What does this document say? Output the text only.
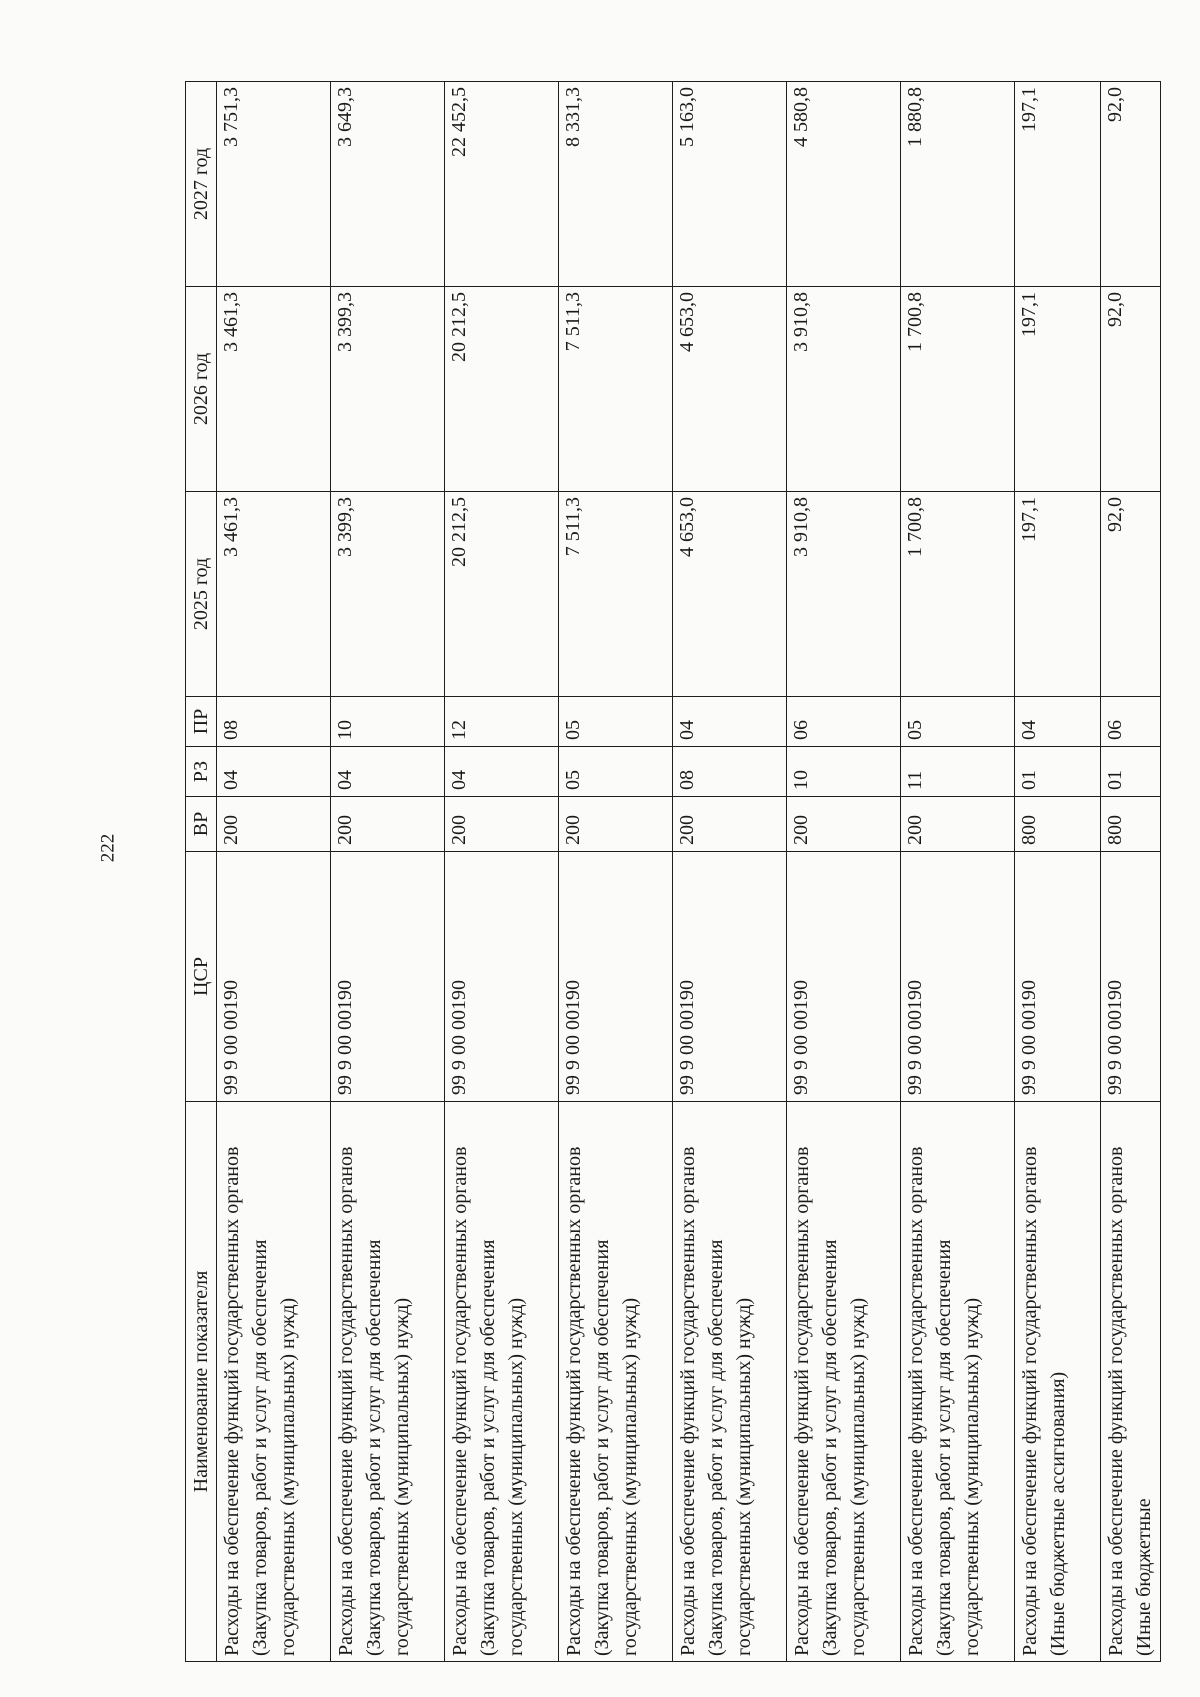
222
Наименование показателя	ЦСР	ВР	РЗ	ПР	2025 год	2026 год	2027 год
Расходы на обеспечение функций государственных органов (Закупка товаров, работ и услуг для обеспечения государственных (муниципальных) нужд)	99 9 00 00190	200	04	08	3 461,3	3 461,3	3 751,3
Расходы на обеспечение функций государственных органов (Закупка товаров, работ и услуг для обеспечения государственных (муниципальных) нужд)	99 9 00 00190	200	04	10	3 399,3	3 399,3	3 649,3
Расходы на обеспечение функций государственных органов (Закупка товаров, работ и услуг для обеспечения государственных (муниципальных) нужд)	99 9 00 00190	200	04	12	20 212,5	20 212,5	22 452,5
Расходы на обеспечение функций государственных органов (Закупка товаров, работ и услуг для обеспечения государственных (муниципальных) нужд)	99 9 00 00190	200	05	05	7 511,3	7 511,3	8 331,3
Расходы на обеспечение функций государственных органов (Закупка товаров, работ и услуг для обеспечения государственных (муниципальных) нужд)	99 9 00 00190	200	08	04	4 653,0	4 653,0	5 163,0
Расходы на обеспечение функций государственных органов (Закупка товаров, работ и услуг для обеспечения государственных (муниципальных) нужд)	99 9 00 00190	200	10	06	3 910,8	3 910,8	4 580,8
Расходы на обеспечение функций государственных органов (Закупка товаров, работ и услуг для обеспечения государственных (муниципальных) нужд)	99 9 00 00190	200	11	05	1 700,8	1 700,8	1 880,8
Расходы на обеспечение функций государственных органов (Иные бюджетные ассигнования)	99 9 00 00190	800	01	04	197,1	197,1	197,1
Расходы на обеспечение функций государственных органов (Иные бюджетные	99 9 00 00190	800	01	06	92,0	92,0	92,0
